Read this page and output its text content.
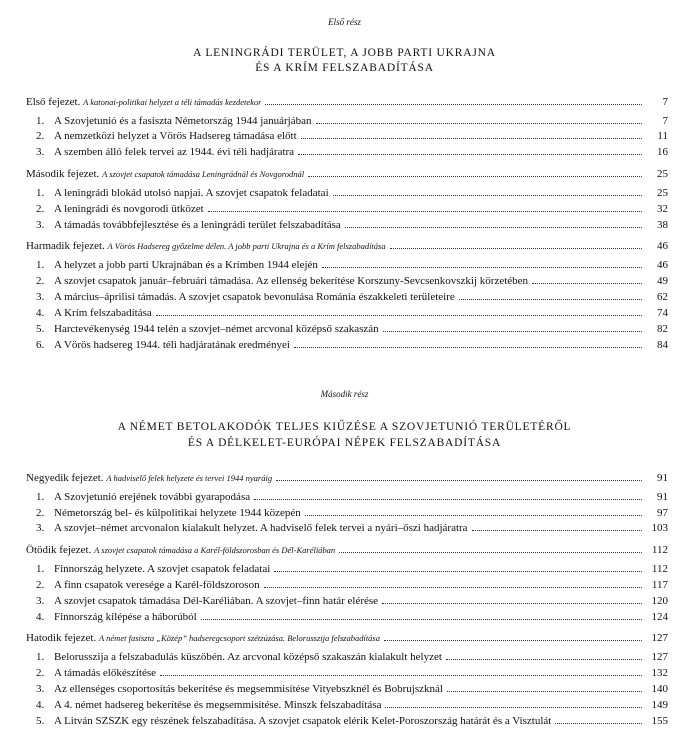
Első rész
A LENINGRÁDI TERÜLET, A JOBB PARTI UKRAJNA
ÉS A KRÍM FELSZABADÍTÁSA
Első fejezet. A katonai-politikai helyzet a téli támadás kezdetekor	7
1. A Szovjetunió és a fasiszta Németország 1944 januárjában	7
2. A nemzetközi helyzet a Vörös Hadsereg támadása előtt	11
3. A szemben álló felek tervei az 1944. évi téli hadjáratra	16
Második fejezet. A szovjet csapatok támadása Leningrádnál és Novgorodnál	25
1. A leningrádi blokád utolsó napjai. A szovjet csapatok feladatai	25
2. A leningrádi és novgorodi ütközet	32
3. A támadás továbbfejlesztése és a leningrádi terület felszabadítása	38
Harmadik fejezet. A Vörös Hadsereg győzelme délen. A jobb parti Ukrajna és a Krím felszabadítása	46
1. A helyzet a jobb parti Ukrajnában és a Krímben 1944 elején	46
2. A szovjet csapatok január–februári támadása. Az ellenség bekerítése Korszuny-Sevcsenkovszkij körzetében	49
3. A március–áprilisi támadás. A szovjet csapatok bevonulása Románia északkeleti területeire	62
4. A Krím felszabadítása	74
5. Harctevékenység 1944 telén a szovjet–német arcvonal középső szakaszán	82
6. A Vörös hadsereg 1944. téli hadjáratának eredményei	84
Második rész
A NÉMET BETOLAKODÓK TELJES KIŰZÉSE A SZOVJETUNIÓ TERÜLETÉRŐL
ÉS A DÉLKELET-EURÓPAI NÉPEK FELSZABADÍTÁSA
Negyedik fejezet. A hadviselő felek helyzete és tervei 1944 nyaráig	91
1. A Szovjetunió erejének további gyarapodása	91
2. Németország bel- és külpolitikai helyzete 1944 közepén	97
3. A szovjet–német arcvonalon kialakult helyzet. A hadviselő felek tervei a nyári–őszi hadjáratra	103
Ötödik fejezet. A szovjet csapatok támadása a Karél-földszorosban és Dél-Karéliában	112
1. Finnország helyzete. A szovjet csapatok feladatai	112
2. A finn csapatok veresége a Karél-földszoroson	117
3. A szovjet csapatok támadása Dél-Karéliában. A szovjet–finn határ elérése	120
4. Finnország kilépése a háborúból	124
Hatodik fejezet. A német fasiszta „Közép” hadseregcsoport szétzúzása. Belorusszija felszabadítása	127
1. Belorusszija a felszabadulás küszöbén. Az arcvonal középső szakaszán kialakult helyzet	127
2. A támadás előkészítése	132
3. Az ellenséges csoportosítás bekerítése és megsemmisítése Vityebszknél és Bobrujszknál	140
4. A 4. német hadsereg bekerítése és megsemmisítése. Minszk felszabadítása	149
5. A Litván SZSZK egy részének felszabadítása. A szovjet csapatok elérik Kelet-Poroszország határát és a Visztulát	155
